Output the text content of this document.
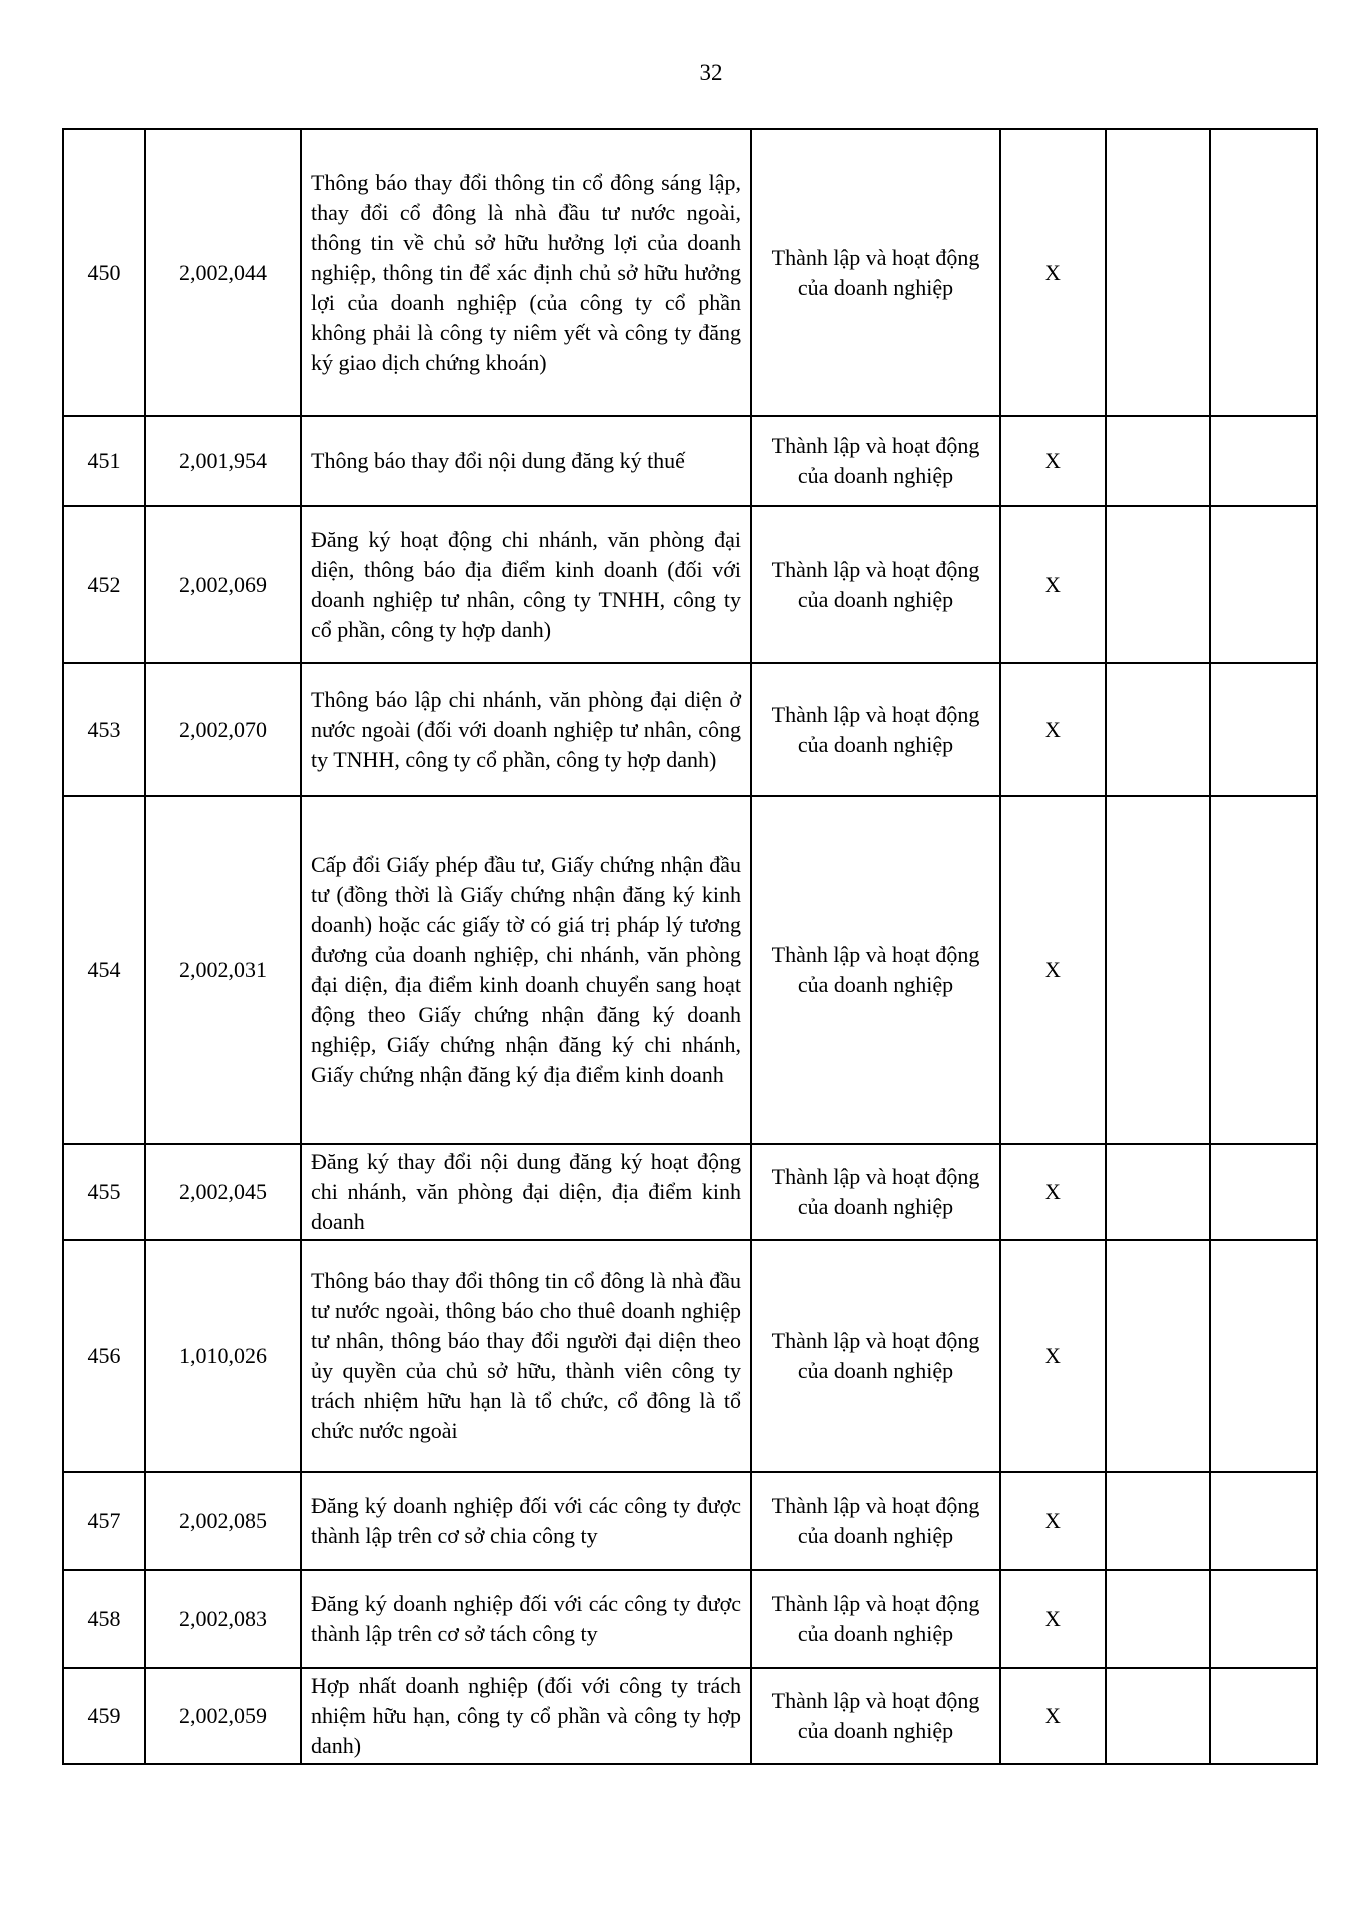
32
450	2,002,044	Thông báo thay đổi thông tin cổ đông sáng lập, thay đổi cổ đông là nhà đầu tư nước ngoài, thông tin về chủ sở hữu hưởng lợi của doanh nghiệp, thông tin để xác định chủ sở hữu hưởng lợi của doanh nghiệp (của công ty cổ phần không phải là công ty niêm yết và công ty đăng ký giao dịch chứng khoán)	Thành lập và hoạt động của doanh nghiệp	X		
451	2,001,954	Thông báo thay đổi nội dung đăng ký thuế	Thành lập và hoạt động của doanh nghiệp	X		
452	2,002,069	Đăng ký hoạt động chi nhánh, văn phòng đại diện, thông báo địa điểm kinh doanh (đối với doanh nghiệp tư nhân, công ty TNHH, công ty cổ phần, công ty hợp danh)	Thành lập và hoạt động của doanh nghiệp	X		
453	2,002,070	Thông báo lập chi nhánh, văn phòng đại diện ở nước ngoài (đối với doanh nghiệp tư nhân, công ty TNHH, công ty cổ phần, công ty hợp danh)	Thành lập và hoạt động của doanh nghiệp	X		
454	2,002,031	Cấp đổi Giấy phép đầu tư, Giấy chứng nhận đầu tư (đồng thời là Giấy chứng nhận đăng ký kinh doanh) hoặc các giấy tờ có giá trị pháp lý tương đương của doanh nghiệp, chi nhánh, văn phòng đại diện, địa điểm kinh doanh chuyển sang hoạt động theo Giấy chứng nhận đăng ký doanh nghiệp, Giấy chứng nhận đăng ký chi nhánh, Giấy chứng nhận đăng ký địa điểm kinh doanh	Thành lập và hoạt động của doanh nghiệp	X		
455	2,002,045	Đăng ký thay đổi nội dung đăng ký hoạt động chi nhánh, văn phòng đại diện, địa điểm kinh doanh	Thành lập và hoạt động của doanh nghiệp	X		
456	1,010,026	Thông báo thay đổi thông tin cổ đông là nhà đầu tư nước ngoài, thông báo cho thuê doanh nghiệp tư nhân, thông báo thay đổi người đại diện theo ủy quyền của chủ sở hữu, thành viên công ty trách nhiệm hữu hạn là tổ chức, cổ đông là tổ chức nước ngoài	Thành lập và hoạt động của doanh nghiệp	X		
457	2,002,085	Đăng ký doanh nghiệp đối với các công ty được thành lập trên cơ sở chia công ty	Thành lập và hoạt động của doanh nghiệp	X		
458	2,002,083	Đăng ký doanh nghiệp đối với các công ty được thành lập trên cơ sở tách công ty	Thành lập và hoạt động của doanh nghiệp	X		
459	2,002,059	Hợp nhất doanh nghiệp (đối với công ty trách nhiệm hữu hạn, công ty cổ phần và công ty hợp danh)	Thành lập và hoạt động của doanh nghiệp	X		
